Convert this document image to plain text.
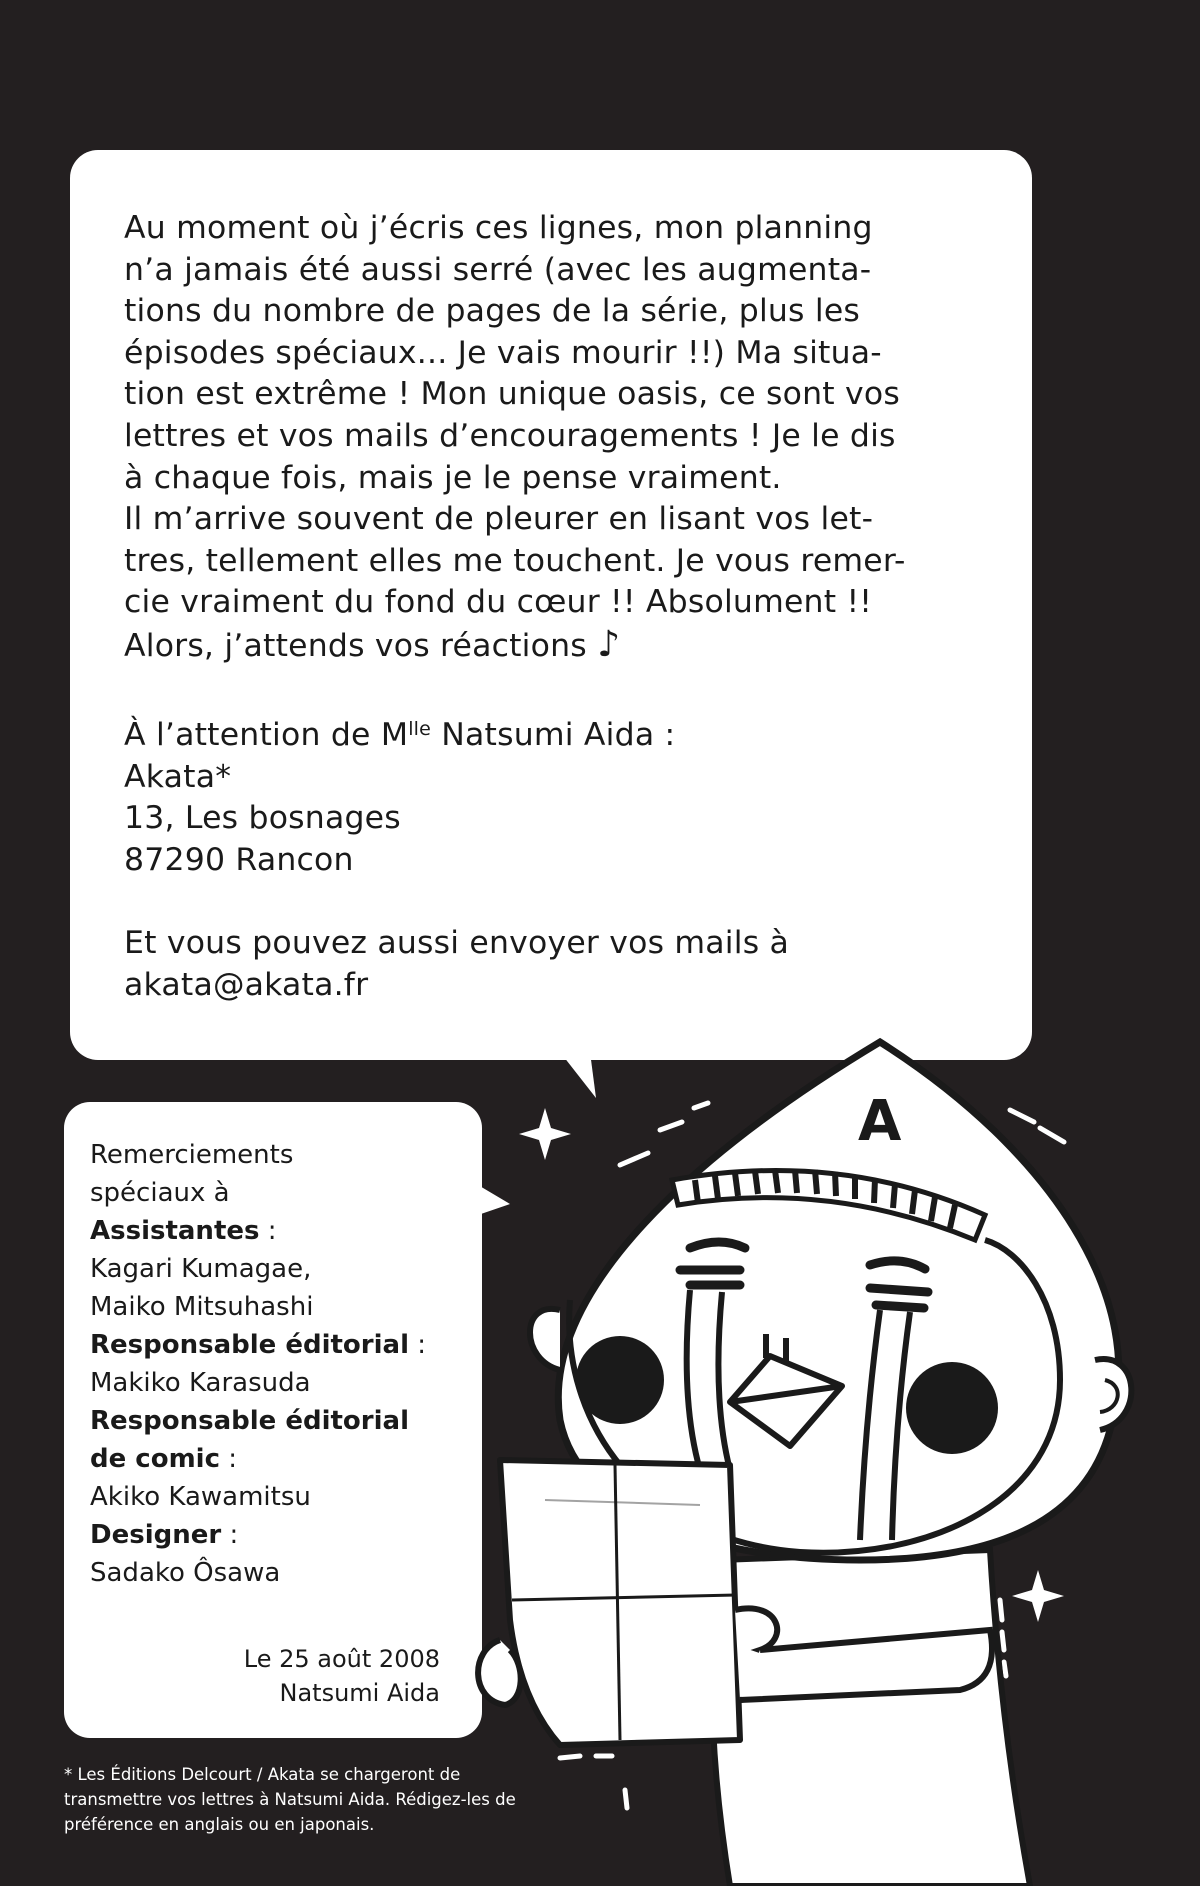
Au moment où j’écris ces lignes, mon planning
n’a jamais été aussi serré (avec les augmenta-
tions du nombre de pages de la série, plus les
épisodes spéciaux... Je vais mourir !!) Ma situa-
tion est extrême ! Mon unique oasis, ce sont vos
lettres et vos mails d’encouragements ! Je le dis
à chaque fois, mais je le pense vraiment.
Il m’arrive souvent de pleurer en lisant vos let-
tres, tellement elles me touchent. Je vous remer-
cie vraiment du fond du cœur !! Absolument !!
Alors, j’attends vos réactions ♪
À l’attention de $M^{lle}$ Natsumi Aida :
Akata*
13, Les bosnages
87290 Rancon
Et vous pouvez aussi envoyer vos mails à
akata@akata.fr
Remerciements
spéciaux à
Assistantes :
Kagari Kumagae,
Maiko Mitsuhashi
Responsable éditorial :
Makiko Karasuda
Responsable éditorial
de comic :
Akiko Kawamitsu
Designer :
Sadako Ôsawa
Le 25 août 2008
Natsumi Aida
* Les Éditions Delcourt / Akata se chargeront de
transmettre vos lettres à Natsumi Aida. Rédigez-les de
préférence en anglais ou en japonais.
A
